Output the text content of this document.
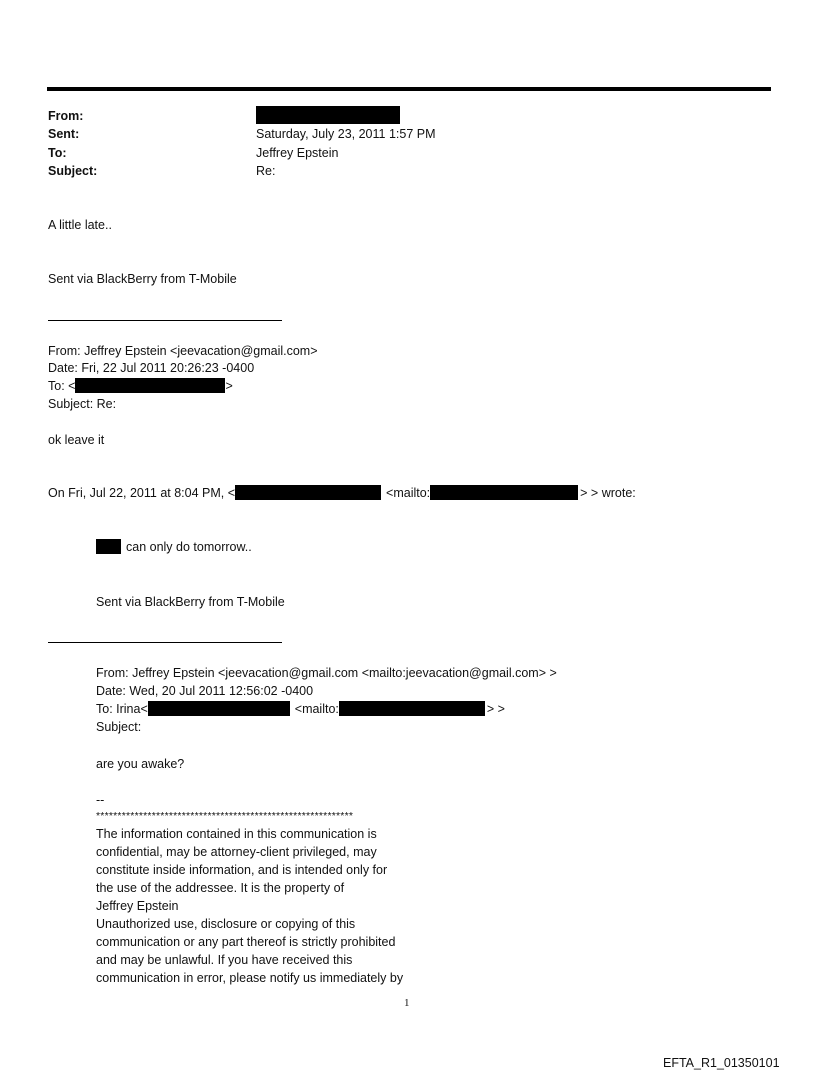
From:
Sent:	Saturday, July 23, 2011 1:57 PM
To:	Jeffrey Epstein
Subject:	Re:
A little late..
Sent via BlackBerry from T-Mobile
From: Jeffrey Epstein <jeevacation@gmail.com>
Date: Fri, 22 Jul 2011 20:26:23 -0400
To: <	>
Subject: Re:
ok leave it
On Fri, Jul 22, 2011 at 8:04 PM, <	<mailto:	> > wrote:
can only do tomorrow..
Sent via BlackBerry from T-Mobile
From: Jeffrey Epstein <jeevacation@gmail.com <mailto:jeevacation@gmail.com> >
Date: Wed, 20 Jul 2011 12:56:02 -0400
To: Irina<	<mailto:	> >
Subject:
are you awake?
--
************************************************************
The information contained in this communication is
confidential, may be attorney-client privileged, may
constitute inside information, and is intended only for
the use of the addressee. It is the property of
Jeffrey Epstein
Unauthorized use, disclosure or copying of this
communication or any part thereof is strictly prohibited
and may be unlawful. If you have received this
communication in error, please notify us immediately by
1
EFTA_R1_01350101
